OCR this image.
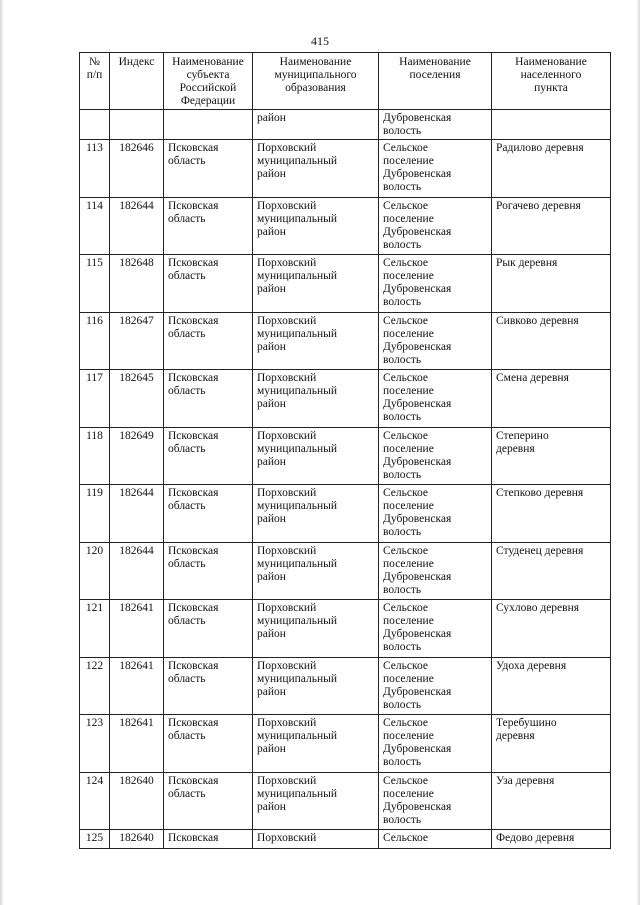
415
№
п/п	Индекс	Наименование
субъекта
Российской
Федерации	Наименование
муниципального
образования	Наименование
поселения	Наименование
населенного
пункта
			район	Дубровенская
волость	
113	182646	Псковская
область	Порховский
муниципальный
район	Сельское
поселение
Дубровенская
волость	Радилово деревня
114	182644	Псковская
область	Порховский
муниципальный
район	Сельское
поселение
Дубровенская
волость	Рогачево деревня
115	182648	Псковская
область	Порховский
муниципальный
район	Сельское
поселение
Дубровенская
волость	Рык деревня
116	182647	Псковская
область	Порховский
муниципальный
район	Сельское
поселение
Дубровенская
волость	Сивково деревня
117	182645	Псковская
область	Порховский
муниципальный
район	Сельское
поселение
Дубровенская
волость	Смена деревня
118	182649	Псковская
область	Порховский
муниципальный
район	Сельское
поселение
Дубровенская
волость	Степерино
деревня
119	182644	Псковская
область	Порховский
муниципальный
район	Сельское
поселение
Дубровенская
волость	Степково деревня
120	182644	Псковская
область	Порховский
муниципальный
район	Сельское
поселение
Дубровенская
волость	Студенец деревня
121	182641	Псковская
область	Порховский
муниципальный
район	Сельское
поселение
Дубровенская
волость	Сухлово деревня
122	182641	Псковская
область	Порховский
муниципальный
район	Сельское
поселение
Дубровенская
волость	Удоха деревня
123	182641	Псковская
область	Порховский
муниципальный
район	Сельское
поселение
Дубровенская
волость	Теребушино
деревня
124	182640	Псковская
область	Порховский
муниципальный
район	Сельское
поселение
Дубровенская
волость	Уза деревня
125	182640	Псковская	Порховский	Сельское	Федово деревня
